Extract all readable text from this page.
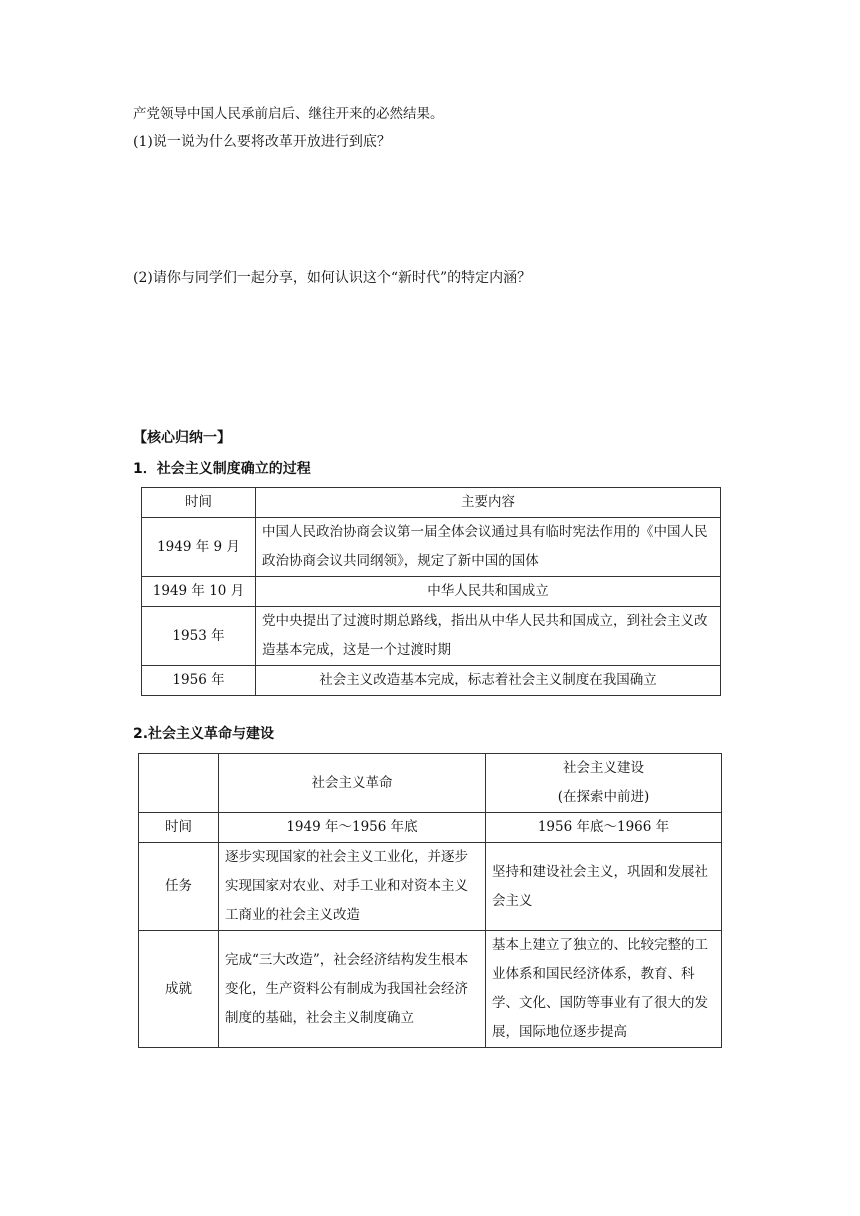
产党领导中国人民承前启后、继往开来的必然结果。
(1)说一说为什么要将改革开放进行到底？
(2)请你与同学们一起分享，如何认识这个“新时代”的特定内涵？
【核心归纳一】
1．社会主义制度确立的过程
时间	主要内容
1949 年 9 月	中国人民政治协商会议第一届全体会议通过具有临时宪法作用的《中国人民政治协商会议共同纲领》，规定了新中国的国体
1949 年 10 月	中华人民共和国成立
1953 年	党中央提出了过渡时期总路线，指出从中华人民共和国成立，到社会主义改造基本完成，这是一个过渡时期
1956 年	社会主义改造基本完成，标志着社会主义制度在我国确立
2.社会主义革命与建设
	社会主义革命	社会主义建设
(在探索中前进)

时间	1949 年～1956 年底	1956 年底～1966 年
任务	逐步实现国家的社会主义工业化，并逐步实现国家对农业、对手工业和对资本主义工商业的社会主义改造	坚持和建设社会主义，巩固和发展社会主义
成就	完成“三大改造”，社会经济结构发生根本变化，生产资料公有制成为我国社会经济制度的基础，社会主义制度确立	基本上建立了独立的、比较完整的工业体系和国民经济体系，教育、科学、文化、国防等事业有了很大的发展，国际地位逐步提高
